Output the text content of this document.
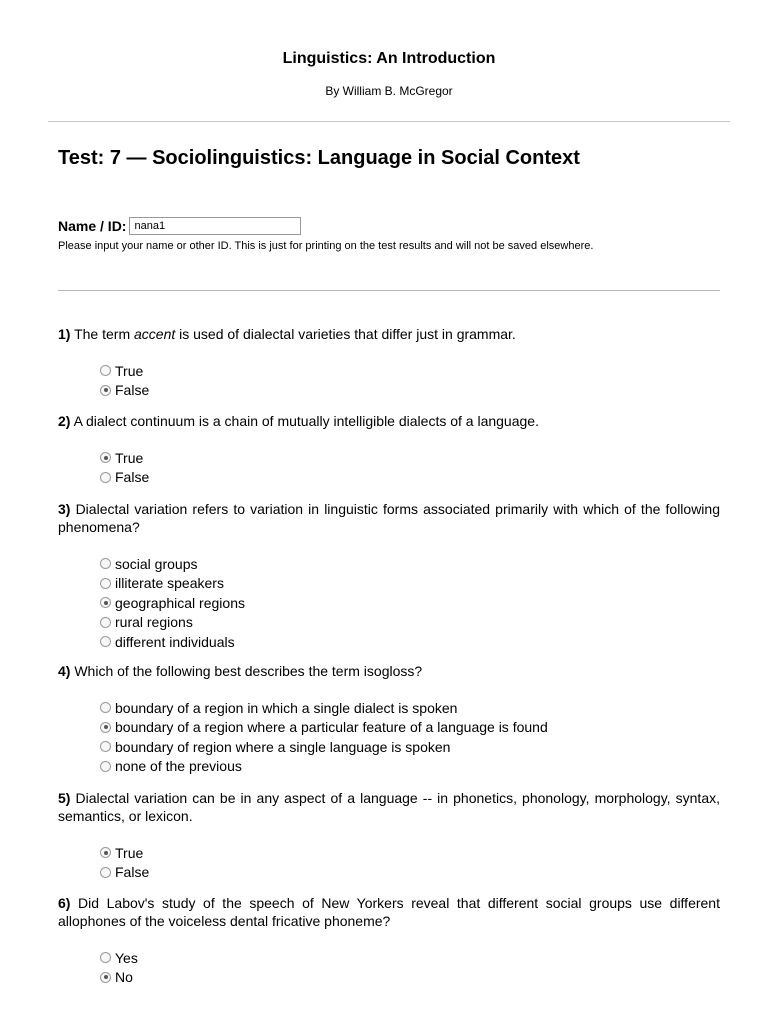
Linguistics: An Introduction
By William B. McGregor
Test: 7 — Sociolinguistics: Language in Social Context
Name / ID:
nana1
Please input your name or other ID. This is just for printing on the test results and will not be saved elsewhere.
1) The term accent is used of dialectal varieties that differ just in grammar.
True
False
2) A dialect continuum is a chain of mutually intelligible dialects of a language.
True
False
3) Dialectal variation refers to variation in linguistic forms associated primarily with which of the following phenomena?
social groups
illiterate speakers
geographical regions
rural regions
different individuals
4) Which of the following best describes the term isogloss?
boundary of a region in which a single dialect is spoken
boundary of a region where a particular feature of a language is found
boundary of region where a single language is spoken
none of the previous
5) Dialectal variation can be in any aspect of a language -- in phonetics, phonology, morphology, syntax, semantics, or lexicon.
True
False
6) Did Labov's study of the speech of New Yorkers reveal that different social groups use different allophones of the voiceless dental fricative phoneme?
Yes
No
